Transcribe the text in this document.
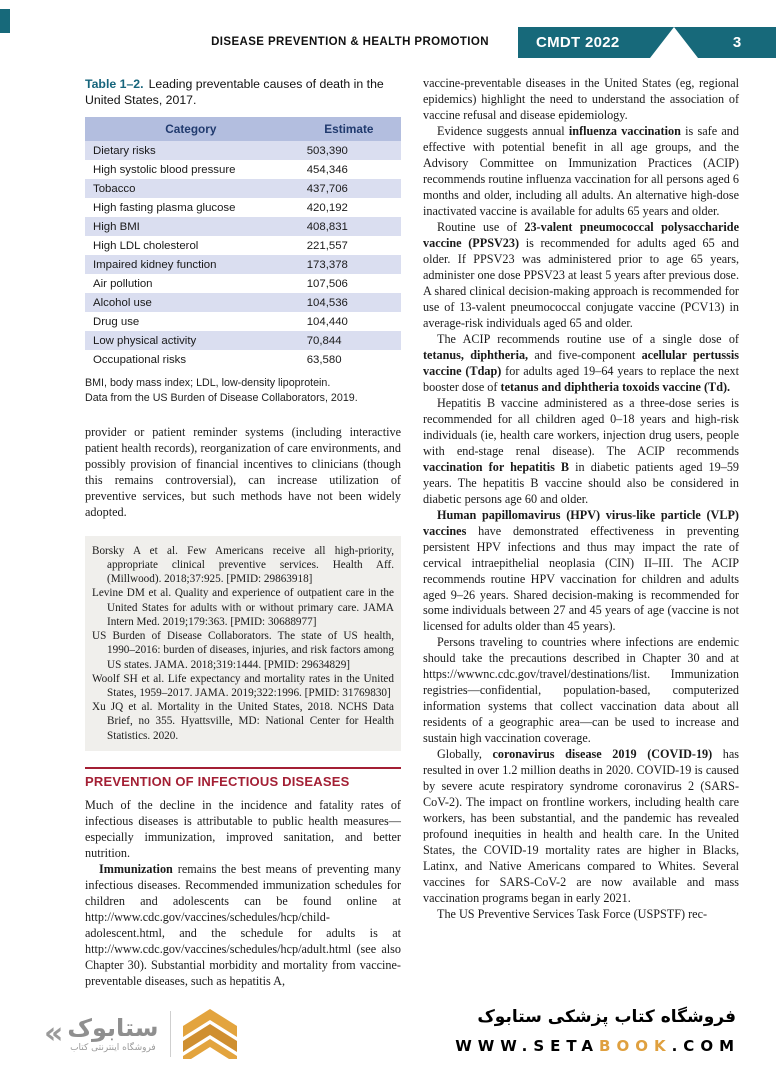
DISEASE PREVENTION & HEALTH PROMOTION	CMDT 2022	3
Table 1–2. Leading preventable causes of death in the United States, 2017.
Category	Estimate
Dietary risks	503,390
High systolic blood pressure	454,346
Tobacco	437,706
High fasting plasma glucose	420,192
High BMI	408,831
High LDL cholesterol	221,557
Impaired kidney function	173,378
Air pollution	107,506
Alcohol use	104,536
Drug use	104,440
Low physical activity	70,844
Occupational risks	63,580

BMI, body mass index; LDL, low-density lipoprotein.

Data from the US Burden of Disease Collaborators, 2019.

provider or patient reminder systems (including interactive patient health records), reorganization of care environments, and possibly provision of financial incentives to clinicians (though this remains controversial), can increase utilization of preventive services, but such methods have not been widely adopted.

Borsky A et al. Few Americans receive all high-priority, appropriate clinical preventive services. Health Aff. (Millwood). 2018;37:925. [PMID: 29863918]

Levine DM et al. Quality and experience of outpatient care in the United States for adults with or without primary care. JAMA Intern Med. 2019;179:363. [PMID: 30688977]

US Burden of Disease Collaborators. The state of US health, 1990–2016: burden of diseases, injuries, and risk factors among US states. JAMA. 2018;319:1444. [PMID: 29634829]

Woolf SH et al. Life expectancy and mortality rates in the United States, 1959–2017. JAMA. 2019;322:1996. [PMID: 31769830]

Xu JQ et al. Mortality in the United States, 2018. NCHS Data Brief, no 355. Hyattsville, MD: National Center for Health Statistics. 2020.

PREVENTION OF INFECTIOUS DISEASES

Much of the decline in the incidence and fatality rates of infectious diseases is attributable to public health measures—especially immunization, improved sanitation, and better nutrition.

Immunization remains the best means of preventing many infectious diseases. Recommended immunization schedules for children and adolescents can be found online at http://www.cdc.gov/vaccines/schedules/hcp/child-adolescent.html, and the schedule for adults is at http://www.cdc.gov/vaccines/schedules/hcp/adult.html (see also Chapter 30). Substantial morbidity and mortality from vaccine-preventable diseases, such as hepatitis A,

vaccine-preventable diseases in the United States (eg, regional epidemics) highlight the need to understand the association of vaccine refusal and disease epidemiology.

Evidence suggests annual influenza vaccination is safe and effective with potential benefit in all age groups, and the Advisory Committee on Immunization Practices (ACIP) recommends routine influenza vaccination for all persons aged 6 months and older, including all adults. An alternative high-dose inactivated vaccine is available for adults 65 years and older.

Routine use of 23-valent pneumococcal polysaccharide vaccine (PPSV23) is recommended for adults aged 65 and older. If PPSV23 was administered prior to age 65 years, administer one dose PPSV23 at least 5 years after previous dose. A shared clinical decision-making approach is recommended for use of 13-valent pneumococcal conjugate vaccine (PCV13) in average-risk individuals aged 65 and older.

The ACIP recommends routine use of a single dose of tetanus, diphtheria, and five-component acellular pertussis vaccine (Tdap) for adults aged 19–64 years to replace the next booster dose of tetanus and diphtheria toxoids vaccine (Td).

Hepatitis B vaccine administered as a three-dose series is recommended for all children aged 0–18 years and high-risk individuals (ie, health care workers, injection drug users, people with end-stage renal disease). The ACIP recommends vaccination for hepatitis B in diabetic patients aged 19–59 years. The hepatitis B vaccine should also be considered in diabetic persons age 60 and older.

Human papillomavirus (HPV) virus-like particle (VLP) vaccines have demonstrated effectiveness in preventing persistent HPV infections and thus may impact the rate of cervical intraepithelial neoplasia (CIN) II–III. The ACIP recommends routine HPV vaccination for children and adults aged 9–26 years. Shared decision-making is recommended for some individuals between 27 and 45 years of age (vaccine is not licensed for adults older than 45 years).

Persons traveling to countries where infections are endemic should take the precautions described in Chapter 30 and at https://wwwnc.cdc.gov/travel/destinations/list. Immunization registries—confidential, population-based, computerized information systems that collect vaccination data about all residents of a geographic area—can be used to increase and sustain high vaccination coverage.

Globally, coronavirus disease 2019 (COVID-19) has resulted in over 1.2 million deaths in 2020. COVID-19 is caused by severe acute respiratory syndrome coronavirus 2 (SARS-CoV-2). The impact on frontline workers, including health care workers, has been substantial, and the pandemic has revealed profound inequities in health and health care. In the United States, the COVID-19 mortality rates are higher in Blacks, Latinx, and Native Americans compared to Whites. Several vaccines for SARS-CoV-2 are now available and mass vaccination programs began in early 2021.

The US Preventive Services Task Force (USPSTF) rec-

« ستابوک
فروشگاه اینترنتی کتاب
فروشگاه کتاب پزشکی ستابوک
WWW.SETABOOK.COM
